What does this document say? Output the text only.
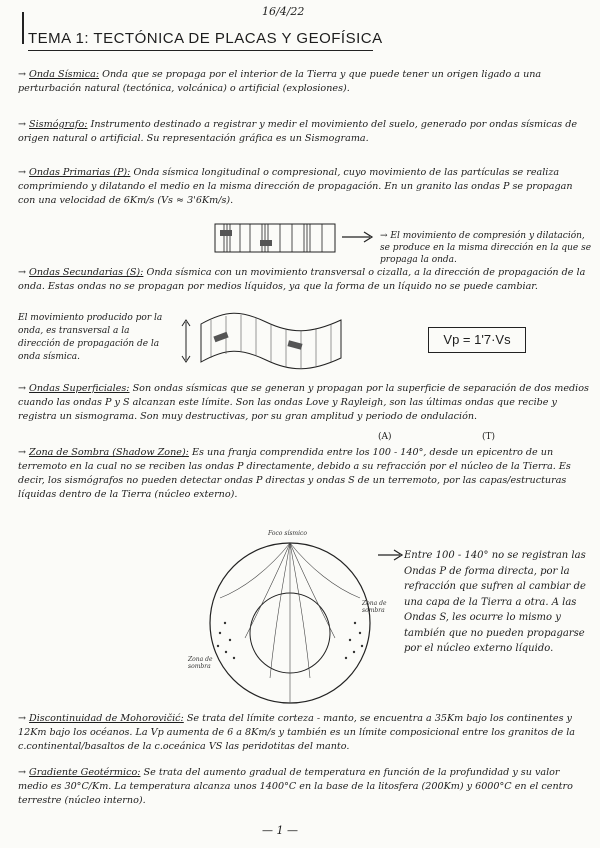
16/4/22
TEMA 1: TECTÓNICA DE PLACAS Y GEOFÍSICA

→ Onda Sísmica: Onda que se propaga por el interior de la Tierra y que puede tener un origen ligado a una perturbación natural (tectónica, volcánica) o artificial (explosiones).

→ Sismógrafo: Instrumento destinado a registrar y medir el movimiento del suelo, generado por ondas sísmicas de origen natural o artificial. Su representación gráfica es un Sismograma.

→ Ondas Primarias (P): Onda sísmica longitudinal o compresional, cuyo movimiento de las partículas se realiza comprimiendo y dilatando el medio en la misma dirección de propagación. En un granito las ondas P se propagan con una velocidad de 6Km/s (Vs ≈ 3'6Km/s).

→ El movimiento de compresión y dilatación, se produce en la misma dirección en la que se propaga la onda.

→ Ondas Secundarias (S): Onda sísmica con un movimiento transversal o cizalla, a la dirección de propagación de la onda. Estas ondas no se propagan por medios líquidos, ya que la forma de un líquido no se puede cambiar.

El movimiento producido por la onda, es transversal a la dirección de propagación de la onda sísmica.
Vp = 1'7·Vs

→ Ondas Superficiales: Son ondas sísmicas que se generan y propagan por la superficie de separación de dos medios cuando las ondas P y S alcanzan este límite. Son las ondas Love y Rayleigh, son las últimas ondas que recibe y registra un sismograma. Son muy destructivas, por su gran amplitud y periodo de ondulación.

(A)	(T)

→ Zona de Sombra (Shadow Zone): Es una franja comprendida entre los 100 - 140°, desde un epicentro de un terremoto en la cual no se reciben las ondas P directamente, debido a su refracción por el núcleo de la Tierra. Es decir, los sismógrafos no pueden detectar ondas P directas y ondas S de un terremoto, por las capas/estructuras líquidas dentro de la Tierra (núcleo externo).

Foco sísmico
Zona de sombra
Zona de sombra
Entre 100 - 140° no se registran las Ondas P de forma directa, por la refracción que sufren al cambiar de una capa de la Tierra a otra. A las Ondas S, les ocurre lo mismo y también que no pueden propagarse por el núcleo externo líquido.

→ Discontinuidad de Mohorovičić: Se trata del límite corteza - manto, se encuentra a 35Km bajo los continentes y 12Km bajo los océanos. La Vp aumenta de 6 a 8Km/s y también es un límite composicional entre los granitos de la c.continental/basaltos de la c.oceánica VS las peridotitas del manto.

→ Gradiente Geotérmico: Se trata del aumento gradual de temperatura en función de la profundidad y su valor medio es 30°C/Km. La temperatura alcanza unos 1400°C en la base de la litosfera (200Km) y 6000°C en el centro terrestre (núcleo interno).

— 1 —
